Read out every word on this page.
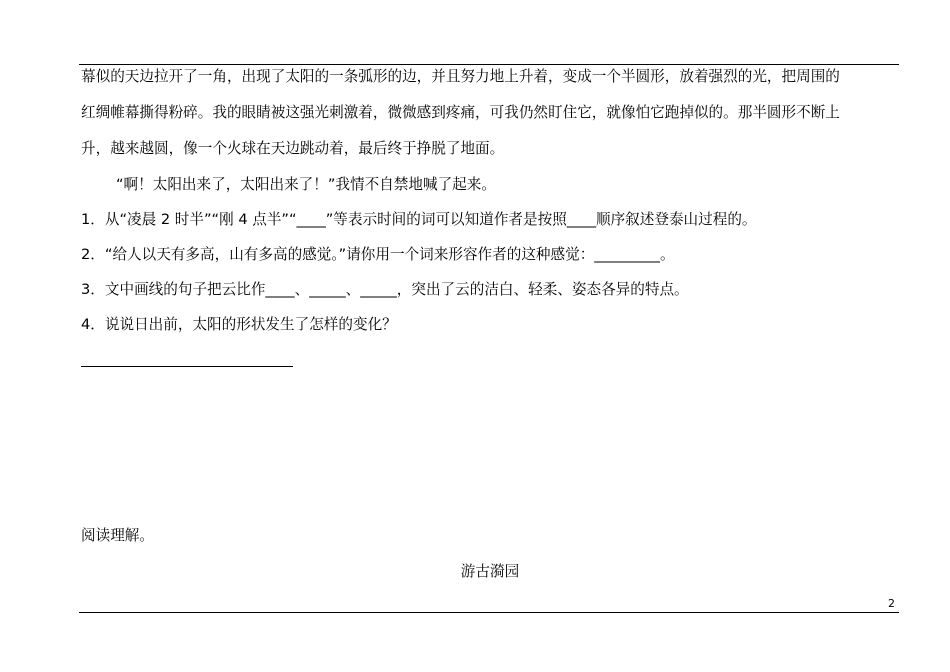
幕似的天边拉开了一角，出现了太阳的一条弧形的边，并且努力地上升着，变成一个半圆形，放着强烈的光，把周围的
红绸帷幕撕得粉碎。我的眼睛被这强光刺激着，微微感到疼痛，可我仍然盯住它，就像怕它跑掉似的。那半圆形不断上
升，越来越圆，像一个火球在天边跳动着，最后终于挣脱了地面。
“啊！太阳出来了，太阳出来了！”我情不自禁地喊了起来。
1．从“凌晨 2 时半”“刚 4 点半”“____”等表示时间的词可以知道作者是按照____顺序叙述登泰山过程的。
2．“给人以天有多高，山有多高的感觉。”请你用一个词来形容作者的这种感觉：_________。
3．文中画线的句子把云比作____、_____、_____，突出了云的洁白、轻柔、姿态各异的特点。
4．说说日出前，太阳的形状发生了怎样的变化？
阅读理解。
游古漪园
2
